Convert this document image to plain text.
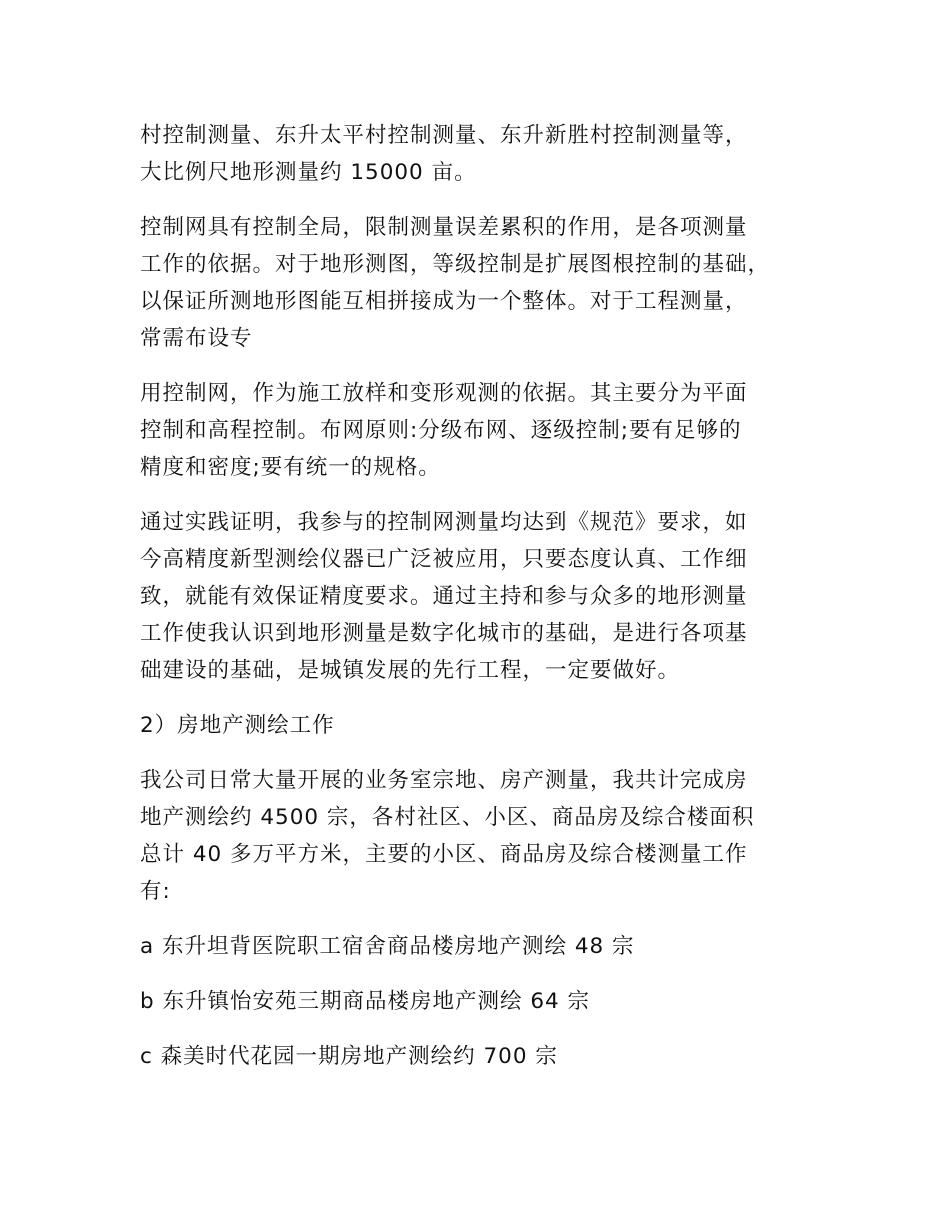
村控制测量、东升太平村控制测量、东升新胜村控制测量等，
大比例尺地形测量约 15000 亩。

控制网具有控制全局，限制测量误差累积的作用，是各项测量
工作的依据。对于地形测图，等级控制是扩展图根控制的基础，
以保证所测地形图能互相拼接成为一个整体。对于工程测量，
常需布设专

用控制网，作为施工放样和变形观测的依据。其主要分为平面
控制和高程控制。布网原则:分级布网、逐级控制;要有足够的
精度和密度;要有统一的规格。

通过实践证明，我参与的控制网测量均达到《规范》要求，如
今高精度新型测绘仪器已广泛被应用，只要态度认真、工作细
致，就能有效保证精度要求。通过主持和参与众多的地形测量
工作使我认识到地形测量是数字化城市的基础，是进行各项基
础建设的基础，是城镇发展的先行工程，一定要做好。

2）房地产测绘工作

我公司日常大量开展的业务室宗地、房产测量，我共计完成房
地产测绘约 4500 宗，各村社区、小区、商品房及综合楼面积
总计 40 多万平方米，主要的小区、商品房及综合楼测量工作
有:

a 东升坦背医院职工宿舍商品楼房地产测绘 48 宗

b 东升镇怡安苑三期商品楼房地产测绘 64 宗

c 森美时代花园一期房地产测绘约 700 宗
